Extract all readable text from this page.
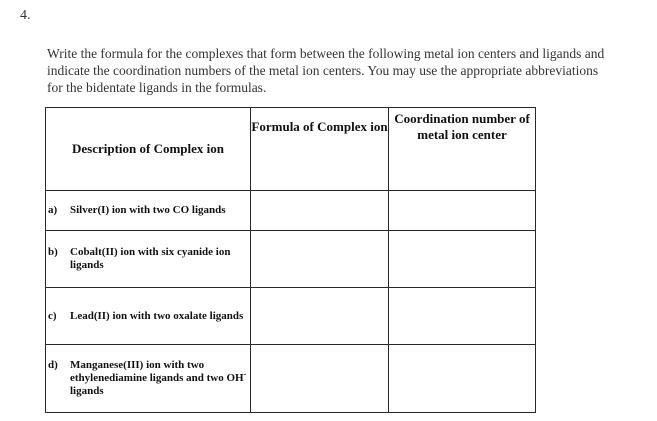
4.
Write the formula for the complexes that form between the following metal ion centers and ligands and indicate the coordination numbers of the metal ion centers. You may use the appropriate abbreviations for the bidentate ligands in the formulas.
Description of Complex ion	Formula of Complex ion	Coordination number of metal ion center

a) Silver(I) ion with two CO ligands		

b) Cobalt(II) ion with six cyanide ion ligands		

c) Lead(II) ion with two oxalate ligands		

d) Manganese(III) ion with two ethylenediamine ligands and two OH- ligands		
